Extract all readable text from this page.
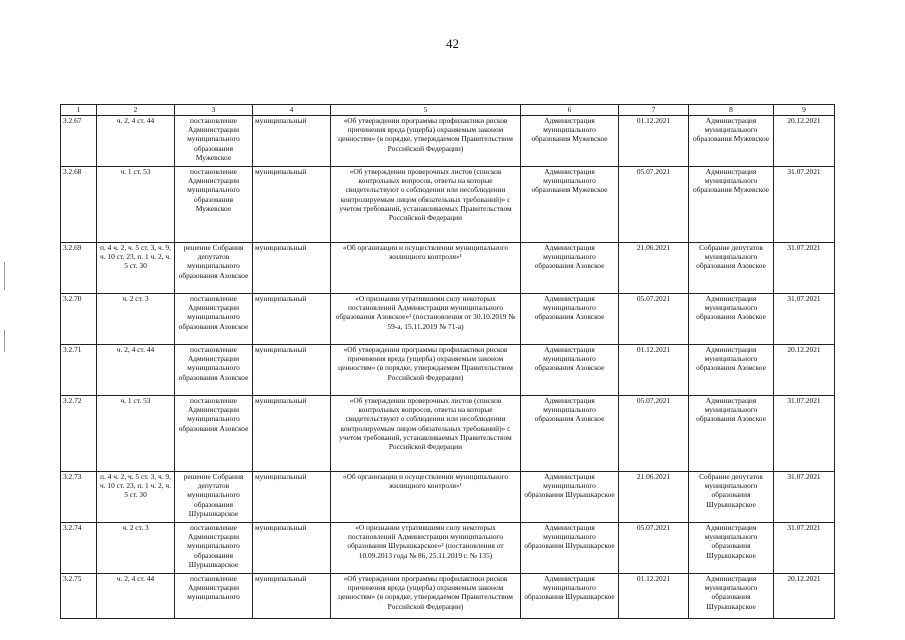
42
1	2	3	4	5	6	7	8	9
3.2.67	ч. 2, 4 ст. 44	постановление Администрации муниципального образования Мужевское	муниципальный	«Об утверждении программы профилактики рисков причинения вреда (ущерба) охраняемым законом ценностям» (в порядке, утверждаемом Правительством Российской Федерации)	Администрация муниципального образования Мужевское	01.12.2021	Администрация муниципального образования Мужевское	20.12.2021
3.2.68	ч. 1 ст. 53	постановление Администрации муниципального образования Мужевское	муниципальный	«Об утверждении проверочных листов (списков контрольных вопросов, ответы на которые свидетельствуют о соблюдении или несоблюдении контролируемым лицом обязательных требований)» с учетом требований, устанавливаемых Правительством Российской Федерации	Администрация муниципального образования Мужевское	05.07.2021	Администрация муниципального образования Мужевское	31.07.2021
3.2.69	п. 4 ч. 2, ч. 5 ст. 3, ч. 9, ч. 10 ст. 23, п. 1 ч. 2, ч. 5 ст. 30	решение Собрания депутатов муниципального образования Азовское	муниципальный	«Об организации и осуществлении муниципального жилищного контроля»¹	Администрация муниципального образования Азовское	21.06.2021	Собрание депутатов муниципального образования Азовское	31.07.2021
3.2.70	ч. 2 ст. 3	постановление Администрации муниципального образования Азовское	муниципальный	«О признании утратившими силу некоторых постановлений Администрации муниципального образования Азовское»² (постановления от 30.10.2019 № 59-а, 15.11.2019 № 71-а)	Администрация муниципального образования Азовское	05.07.2021	Администрация муниципального образования Азовское	31.07.2021
3.2.71	ч. 2, 4 ст. 44	постановление Администрации муниципального образования Азовское	муниципальный	«Об утверждении программы профилактики рисков причинения вреда (ущерба) охраняемым законом ценностям» (в порядке, утверждаемом Правительством Российской Федерации)	Администрация муниципального образования Азовское	01.12.2021	Администрация муниципального образования Азовское	20.12.2021
3.2.72	ч. 1 ст. 53	постановление Администрации муниципального образования Азовское	муниципальный	«Об утверждении проверочных листов (списков контрольных вопросов, ответы на которые свидетельствуют о соблюдении или несоблюдении контролируемым лицом обязательных требований)» с учетом требований, устанавливаемых Правительством Российской Федерации	Администрация муниципального образования Азовское	05.07.2021	Администрация муниципального образования Азовское	31.07.2021
3.2.73	п. 4 ч. 2, ч. 5 ст. 3, ч. 9, ч. 10 ст. 23, п. 1 ч. 2, ч. 5 ст. 30	решение Собрания депутатов муниципального образования Шурышкарское	муниципальный	«Об организации и осуществлении муниципального жилищного контроля»¹	Администрация муниципального образования Шурышкарское	21.06.2021	Собрание депутатов муниципального образования Шурышкарское	31.07.2021
3.2.74	ч. 2 ст. 3	постановление Администрации муниципального образования Шурышкарское	муниципальный	«О признании утратившими силу некоторых постановлений Администрации муниципального образования Шурышкарское»² (постановления от 10.09.2013 года № 86, 25.11.2019 г. № 135)	Администрация муниципального образования Шурышкарское	05.07.2021	Администрация муниципального образования Шурышкарское	31.07.2021
3.2.75	ч. 2, 4 ст. 44	постановление Администрации муниципального	муниципальный	«Об утверждении программы профилактики рисков причинения вреда (ущерба) охраняемым законом ценностям» (в порядке, утверждаемом Правительством Российской Федерации)	Администрация муниципального образования Шурышкарское	01.12.2021	Администрация муниципального образования Шурышкарское	20.12.2021
